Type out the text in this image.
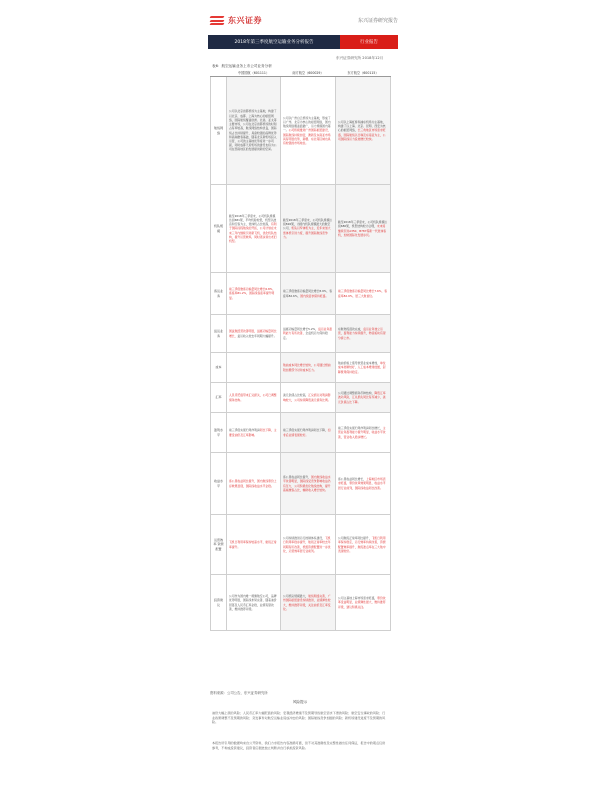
东兴证券	东兴证券研究报告
2018年第三季度航空运输业务分析报告	行业报告
东兴证券研究所 2018年12月
表6：航空运输业务上市公司业务分析
	中国国航（601111）	南方航空（600029）	东方航空（600115）
航线网络	公司以北京首都机场为主基地，构建了以北京、成都、上海为核心的枢纽网络，国际航线覆盖欧洲、北美、亚太等主要市场，公司在北京首都机场的时刻占有率较高，航线网络结构优良，国际线占比持续提升，具备较强的品牌优势和高端旅客基础，随着北京新机场投入运营，公司的主基地优势将进一步巩固，同时成都天府机场的建设也将为公司在西南地区的发展提供新的空间。	公司以广州白云机场为主基地，形成了以广州、北京为核心的枢纽网络，国内航线网络覆盖面最广，运力规模国内第一。公司积极推进广州国际枢纽建设，国际航线持续加密，澳新及东南亚市场具有明显优势，新疆、东北等区域也具有较强的市场地位。	公司以上海虹桥和浦东机场为主基地，构建了以上海、北京、昆明、西安为核心的枢纽网络，长三角地区市场需求旺盛，国际航线以日韩及东南亚为主，公司国际线运力投放增长较快。
机队规模	截至2018年三季度末，公司机队规模达到681架，平均机龄较低，机型以波音和空客为主，宽体机占比较高，有利于国际远程航线的开拓，公司计划在未来三年内继续引进新飞机，优化机队结构，提升运营效率，同时逐步退出老旧机型。	截至2018年三季度末，公司机队规模达到826架，为国内机队规模最大的航空公司，机队以窄体机为主，近年来加大宽体机引进力度，提升国际航线竞争力。	截至2018年三季度末，公司机队规模达到680架，机型结构较为合理，未来将继续引进A350、B787等新一代宽体客机，加快国际化发展步伐。
客运业务	前三季度旅客运输量同比增长6.8%，客座率81.2%，国际线客座率提升明显。	前三季度旅客运输量同比增长8.9%，客座率82.6%，国内线需求保持旺盛。	前三季度旅客运输量同比增长7.6%，客座率82.9%，居三大航首位。
货运业务	国货航经营改善明显，货邮运输量同比增长，货运收入较去年同期大幅提升。	货邮运输量同比增长5.2%，货运业务盈利能力有所改善，全货机运力保持稳定。	东航物流混改完成，货运业务独立运营，盈利能力持续提升，物流板块有望分拆上市。
成本		航油成本同比增长较快，公司通过燃油附加费部分对冲成本压力。	航油价格上涨导致营业成本增加，单位成本控制较好，人工成本增速放缓，起降费用保持稳定。
汇率	人民币贬值带来汇兑损失，公司已调整债务结构。	美元负债占比较高，汇兑损失对利润影响较大，公司持续降低美元债务比例。	公司通过调整债务币种结构，降低汇率波动风险，汇兑损失同比有所减少，美元负债占比下降。
盈利水平	前三季度实现归母净利润同比下降，主要受油价及汇率影响。	前三季度实现归母净利润同比下降，扣非后业绩表现较好。	前三季度实现归母净利润同比增长，主营业务盈利能力提升明显，收益水平改善，营业收入稳步增长。
收益水平	客公里收益同比提升，国内航线票价上浮效果显现，国际线收益水平企稳。	客公里收益同比提升，国内航线收益水平改善明显，国际线受竞争影响收益仍有压力，公司积极优化航线结构，提升高端旅客占比，辅助收入增长较快。	客公里收益同比增长，上海地区市场需求旺盛，票价改革效果明显，收益水平居行业前列，国际线收益同比改善。
运营效率 资源配置	飞机日利用率保持较高水平，航班正常率提升。	公司持续推进运行控制体系建设，飞机日利用率稳步提升，航班正常率较去年同期有所改善，机组资源配置进一步优化，运营效率居行业前列。	公司航班正常率同比提升，飞机日利用率保持稳定，运行效率持续改善，资源配置效率提升，航班准点率在三大航中表现较好。
投资建议	公司作为国内唯一载旗航空公司，品牌优势明显，国际线布局完善，随着油价回落及人民币汇率企稳，业绩有望改善，维持推荐评级。	公司机队规模最大，航线网络完善，广州国际枢纽建设持续推进，业绩弹性较大，维持推荐评级，关注油价及汇率变化。	公司主基地上海市场需求旺盛，票价改革受益明显，业绩弹性最大，维持推荐评级，建议积极关注。
资料来源：公司公告，东兴证券研究所
风险提示
油价大幅上涨的风险；人民币汇率大幅贬值的风险；宏观经济增速不及预期导致航空需求下滑的风险；航空安全事故的风险；行业政策调整不及预期的风险；突发事件对航空运输业造成冲击的风险；国际航线竞争加剧的风险；新机场建设进度不及预期的风险。
本报告所引用的数据均来自公开资料，我们力求报告内容准确可靠，但不对其准确性及完整性做出任何保证，报告中的观点仅供参考，不构成投资建议，投资者应据此独立判断并自行承担投资风险。
